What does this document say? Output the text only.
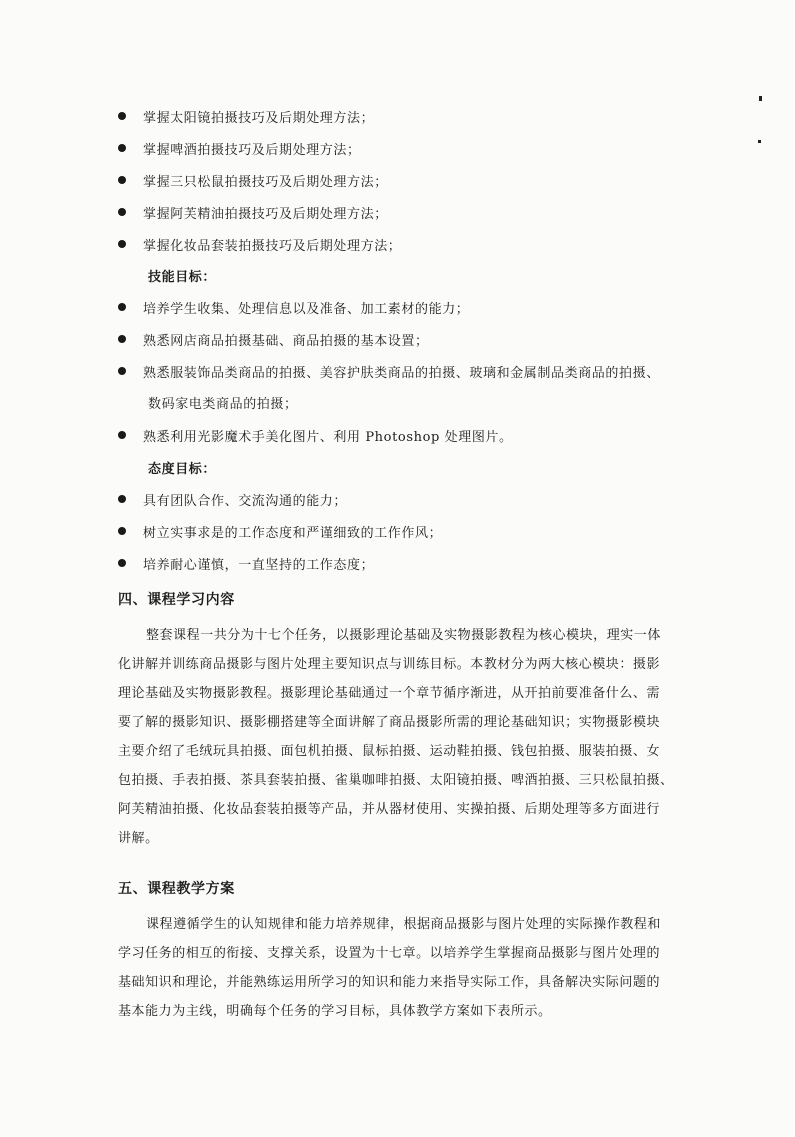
掌握太阳镜拍摄技巧及后期处理方法；
掌握啤酒拍摄技巧及后期处理方法；
掌握三只松鼠拍摄技巧及后期处理方法；
掌握阿芙精油拍摄技巧及后期处理方法；
掌握化妆品套装拍摄技巧及后期处理方法；
技能目标：
培养学生收集、处理信息以及准备、加工素材的能力；
熟悉网店商品拍摄基础、商品拍摄的基本设置；
熟悉服装饰品类商品的拍摄、美容护肤类商品的拍摄、玻璃和金属制品类商品的拍摄、
数码家电类商品的拍摄；
熟悉利用光影魔术手美化图片、利用 Photoshop 处理图片。
态度目标：
具有团队合作、交流沟通的能力；
树立实事求是的工作态度和严谨细致的工作作风；
培养耐心谨慎，一直坚持的工作态度；
四、课程学习内容
整套课程一共分为十七个任务，以摄影理论基础及实物摄影教程为核心模块，理实一体
化讲解并训练商品摄影与图片处理主要知识点与训练目标。本教材分为两大核心模块：摄影
理论基础及实物摄影教程。摄影理论基础通过一个章节循序渐进，从开拍前要准备什么、需
要了解的摄影知识、摄影棚搭建等全面讲解了商品摄影所需的理论基础知识；实物摄影模块
主要介绍了毛绒玩具拍摄、面包机拍摄、鼠标拍摄、运动鞋拍摄、钱包拍摄、服装拍摄、女
包拍摄、手表拍摄、茶具套装拍摄、雀巢咖啡拍摄、太阳镜拍摄、啤酒拍摄、三只松鼠拍摄、
阿芙精油拍摄、化妆品套装拍摄等产品，并从器材使用、实操拍摄、后期处理等多方面进行
讲解。
五、课程教学方案
课程遵循学生的认知规律和能力培养规律，根据商品摄影与图片处理的实际操作教程和
学习任务的相互的衔接、支撑关系，设置为十七章。以培养学生掌握商品摄影与图片处理的
基础知识和理论，并能熟练运用所学习的知识和能力来指导实际工作，具备解决实际问题的
基本能力为主线，明确每个任务的学习目标，具体教学方案如下表所示。
